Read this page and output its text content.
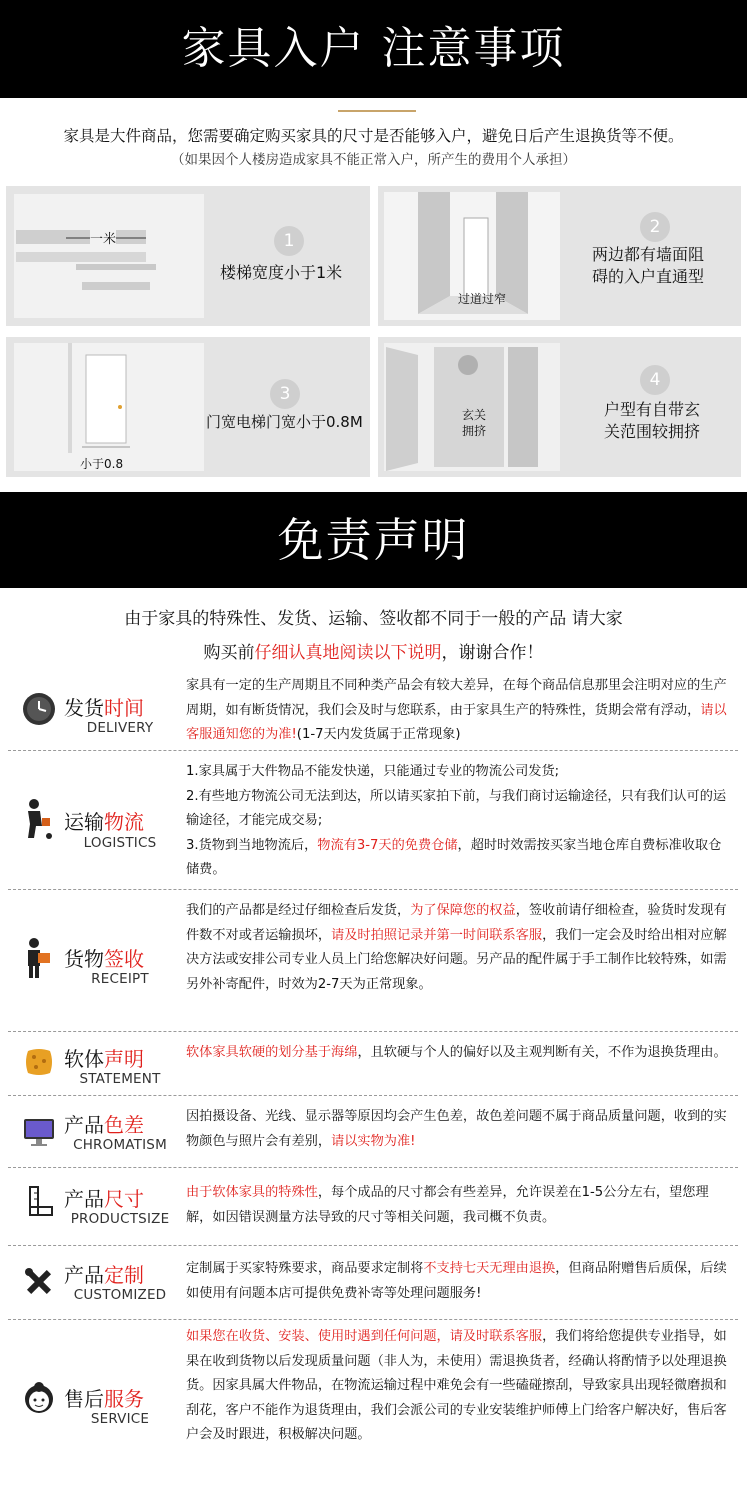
家具入户 注意事项
家具是大件商品，您需要确定购买家具的尺寸是否能够入户，避免日后产生退换货等不便。
（如果因个人楼房造成家具不能正常入户，所产生的费用个人承担）
一米	1
楼梯宽度小于1米
过道过窄
2
两边都有墙面阻
碍的入户直通型
小于0.8
3
门宽电梯门宽小于0.8M	玄关
拥挤
4
户型有自带玄
关范围较拥挤
免责声明
由于家具的特殊性、发货、运输、签收都不同于一般的产品 请大家
购买前仔细认真地阅读以下说明，谢谢合作！
发货时间
DELIVERY
家具有一定的生产周期且不同种类产品会有较大差异，在每个商品信息那里会注明对应的生产周期，如有断货情况，我们会及时与您联系，由于家具生产的特殊性，货期会常有浮动，请以客服通知您的为准!(1-7天内发货属于正常现象)
运输物流
LOGISTICS

1.家具属于大件物品不能发快递，只能通过专业的物流公司发货;

2.有些地方物流公司无法到达，所以请买家拍下前，与我们商讨运输途径，只有我们认可的运输途径，才能完成交易;

3.货物到当地物流后，物流有3-7天的免费仓储，超时时效需按买家当地仓库自费标准收取仓储费。

货物签收
RECEIPT
我们的产品都是经过仔细检查后发货，为了保障您的权益，签收前请仔细检查，验货时发现有件数不对或者运输损坏，请及时拍照记录并第一时间联系客服，我们一定会及时给出相对应解决方法或安排公司专业人员上门给您解决好问题。另产品的配件属于手工制作比较特殊，如需另外补寄配件，时效为2-7天为正常现象。
软体声明
STATEMENT
软体家具软硬的划分基于海绵，且软硬与个人的偏好以及主观判断有关，不作为退换货理由。
产品色差
CHROMATISM
因拍摄设备、光线、显示器等原因均会产生色差，故色差问题不属于商品质量问题，收到的实物颜色与照片会有差别，请以实物为准!
产品尺寸
PRODUCTSIZE
由于软体家具的特殊性，每个成品的尺寸都会有些差异，允许误差在1-5公分左右，望您理解，如因错误测量方法导致的尺寸等相关问题，我司概不负责。
产品定制
CUSTOMIZED
定制属于买家特殊要求，商品要求定制将不支持七天无理由退换，但商品附赠售后质保，后续如使用有问题本店可提供免费补寄等处理问题服务!
售后服务
SERVICE
如果您在收货、安装、使用时遇到任何问题，请及时联系客服，我们将给您提供专业指导，如果在收到货物以后发现质量问题（非人为，未使用）需退换货者，经确认将酌情予以处理退换货。因家具属大件物品，在物流运输过程中难免会有一些磕碰擦刮，导致家具出现轻微磨损和刮花，客户不能作为退货理由，我们会派公司的专业安装维护师傅上门给客户解决好，售后客户会及时跟进，积极解决问题。
